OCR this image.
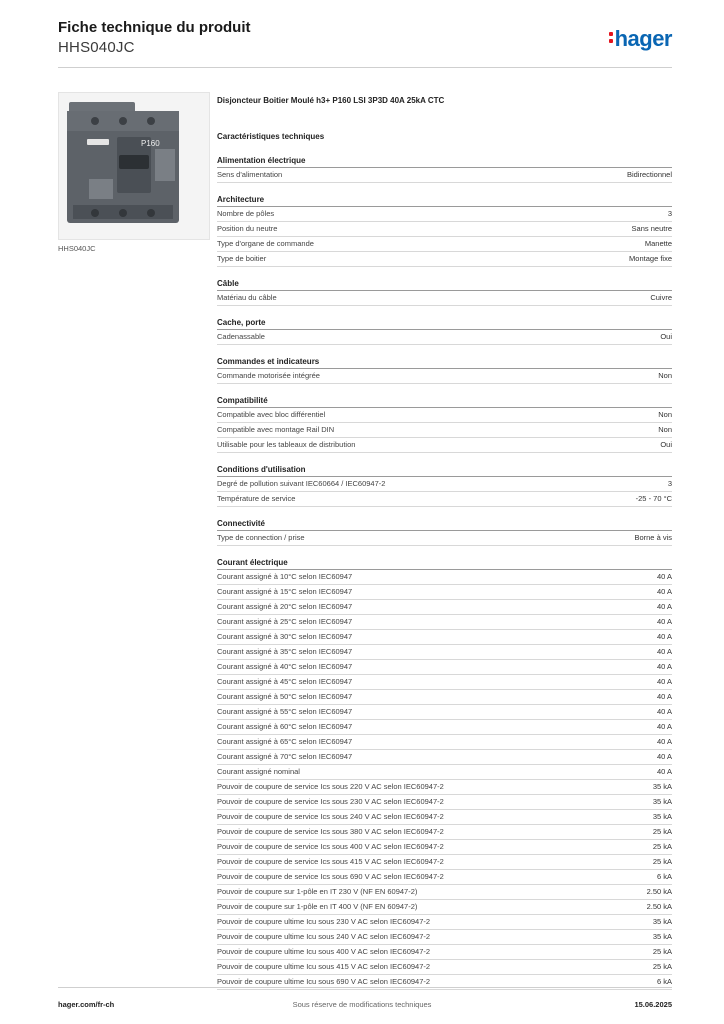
Fiche technique du produit
HHS040JC	hager
P160
HHS040JC
Disjoncteur Boitier Moulé h3+ P160 LSI 3P3D 40A 25kA CTC
Caractéristiques techniques
Alimentation électrique
Sens d'alimentation	Bidirectionnel
Architecture
Nombre de pôles	3
Position du neutre	Sans neutre
Type d'organe de commande	Manette
Type de boitier	Montage fixe
Câble
Matériau du câble	Cuivre
Cache, porte
Cadenassable	Oui
Commandes et indicateurs
Commande motorisée intégrée	Non
Compatibilité
Compatible avec bloc différentiel	Non
Compatible avec montage Rail DIN	Non
Utilisable pour les tableaux de distribution	Oui
Conditions d'utilisation
Degré de pollution suivant IEC60664 / IEC60947-2	3
Température de service	-25 - 70 °C
Connectivité
Type de connection / prise	Borne à vis
Courant électrique
Courant assigné à 10°C selon IEC60947	40 A
Courant assigné à 15°C selon IEC60947	40 A
Courant assigné à 20°C selon IEC60947	40 A
Courant assigné à 25°C selon IEC60947	40 A
Courant assigné à 30°C selon IEC60947	40 A
Courant assigné à 35°C selon IEC60947	40 A
Courant assigné à 40°C selon IEC60947	40 A
Courant assigné à 45°C selon IEC60947	40 A
Courant assigné à 50°C selon IEC60947	40 A
Courant assigné à 55°C selon IEC60947	40 A
Courant assigné à 60°C selon IEC60947	40 A
Courant assigné à 65°C selon IEC60947	40 A
Courant assigné à 70°C selon IEC60947	40 A
Courant assigné nominal	40 A
Pouvoir de coupure de service Ics sous 220 V AC selon IEC60947-2	35 kA
Pouvoir de coupure de service Ics sous 230 V AC selon IEC60947-2	35 kA
Pouvoir de coupure de service Ics sous 240 V AC selon IEC60947-2	35 kA
Pouvoir de coupure de service Ics sous 380 V AC selon IEC60947-2	25 kA
Pouvoir de coupure de service Ics sous 400 V AC selon IEC60947-2	25 kA
Pouvoir de coupure de service Ics sous 415 V AC selon IEC60947-2	25 kA
Pouvoir de coupure de service Ics sous 690 V AC selon IEC60947-2	6 kA
Pouvoir de coupure sur 1-pôle en IT 230 V (NF EN 60947-2)	2.50 kA
Pouvoir de coupure sur 1-pôle en IT 400 V (NF EN 60947-2)	2.50 kA
Pouvoir de coupure ultime Icu sous 230 V AC selon IEC60947-2	35 kA
Pouvoir de coupure ultime Icu sous 240 V AC selon IEC60947-2	35 kA
Pouvoir de coupure ultime Icu sous 400 V AC selon IEC60947-2	25 kA
Pouvoir de coupure ultime Icu sous 415 V AC selon IEC60947-2	25 kA
Pouvoir de coupure ultime Icu sous 690 V AC selon IEC60947-2	6 kA
hager.com/fr-ch	Sous réserve de modifications techniques	15.06.2025
